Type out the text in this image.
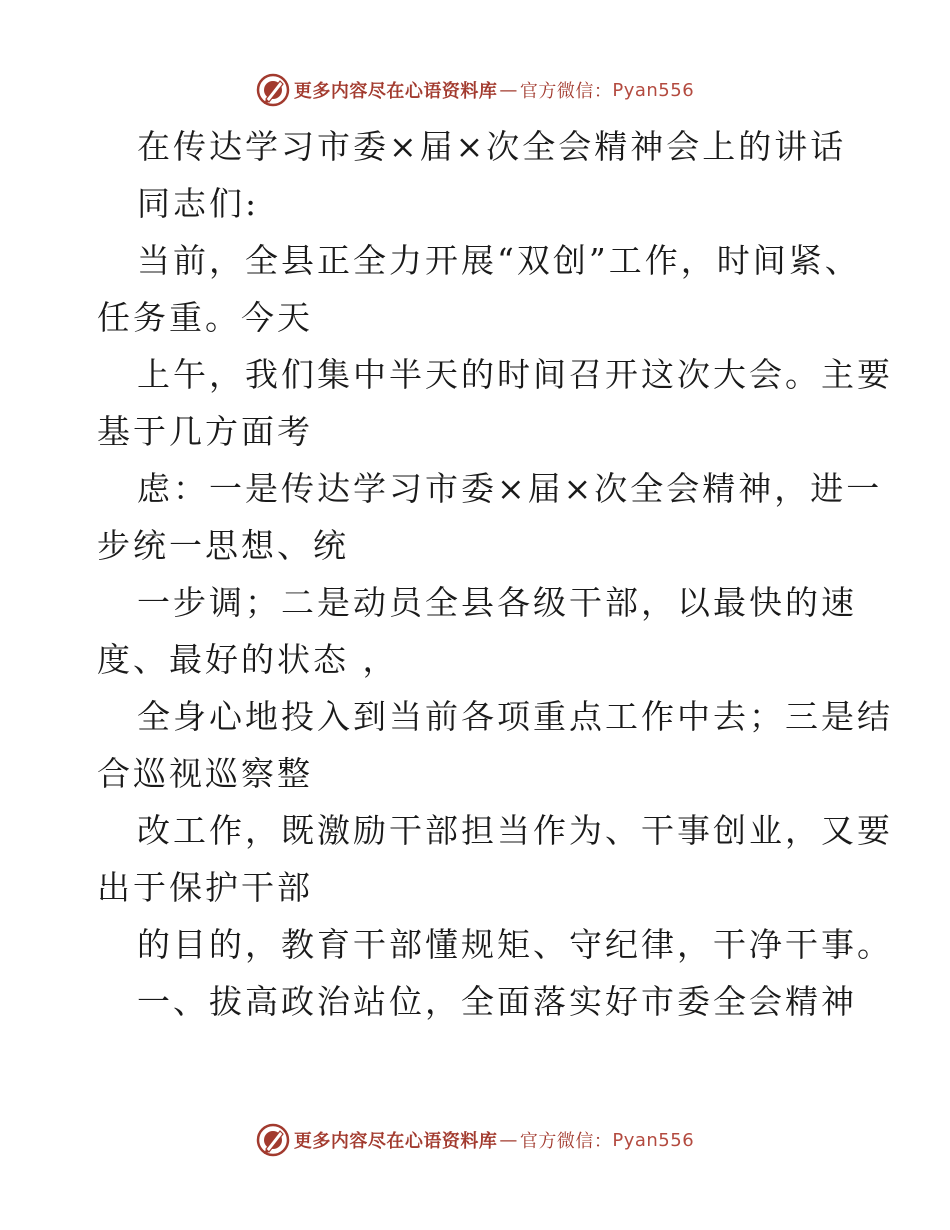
更多内容尽在心语资料库 — 官方微信： Pyan556
在传达学习市委×届×次全会精神会上的讲话
同志们:
当前，全县正全力开展“双创”工作，时间紧、
任务重。今天
上午，我们集中半天的时间召开这次大会。主要
基于几方面考
虑：一是传达学习市委×届×次全会精神，进一
步统一思想、统
一步调；二是动员全县各级干部，以最快的速
度、最好的状态 ，
全身心地投入到当前各项重点工作中去；三是结
合巡视巡察整
改工作，既激励干部担当作为、干事创业，又要
出于保护干部
的目的，教育干部懂规矩、守纪律，干净干事。
一、拔高政治站位，全面落实好市委全会精神
更多内容尽在心语资料库 — 官方微信： Pyan556
